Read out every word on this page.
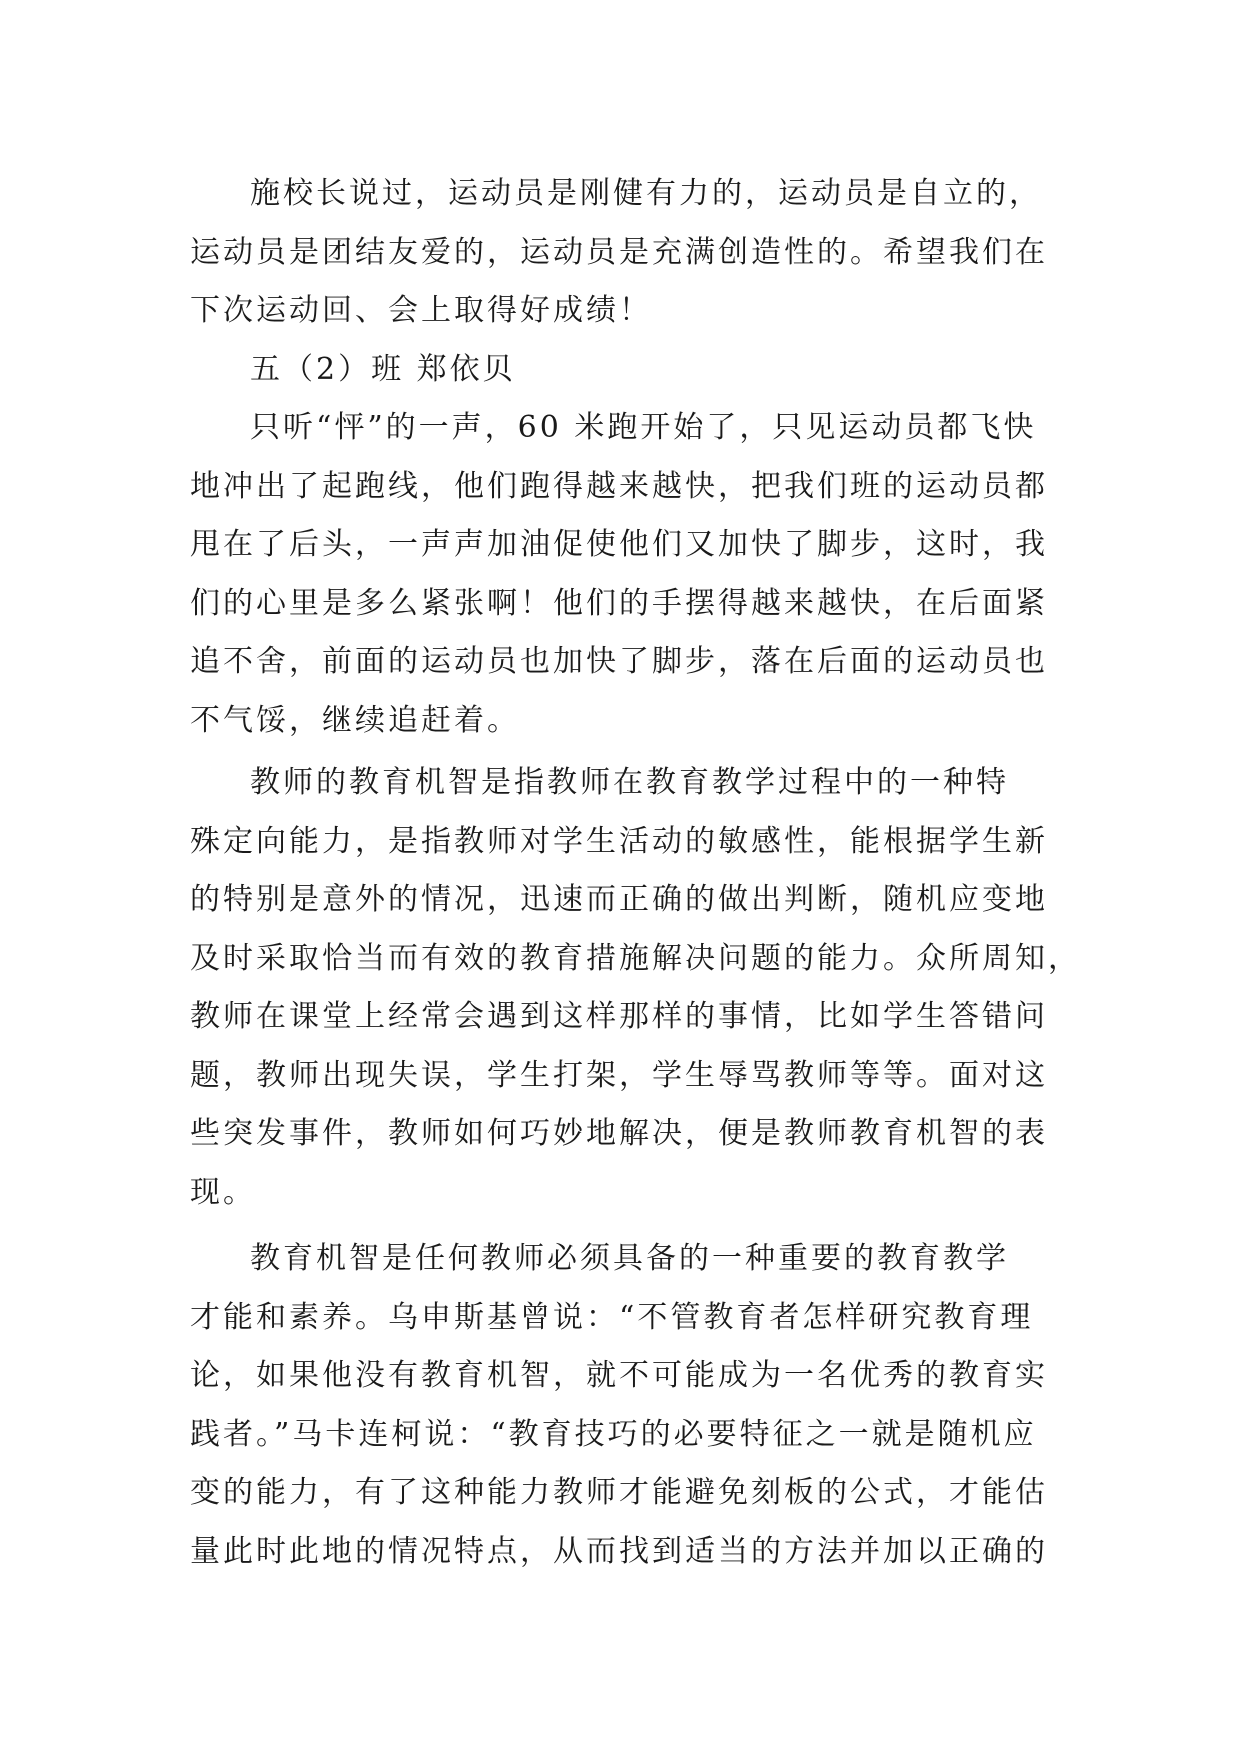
施校长说过，运动员是刚健有力的，运动员是自立的，
运动员是团结友爱的，运动员是充满创造性的。希望我们在
下次运动回、会上取得好成绩！

五（2）班 郑依贝

只听“怦”的一声，60 米跑开始了，只见运动员都飞快
地冲出了起跑线，他们跑得越来越快，把我们班的运动员都
甩在了后头，一声声加油促使他们又加快了脚步，这时，我
们的心里是多么紧张啊！他们的手摆得越来越快，在后面紧
追不舍，前面的运动员也加快了脚步，落在后面的运动员也
不气馁，继续追赶着。

教师的教育机智是指教师在教育教学过程中的一种特
殊定向能力，是指教师对学生活动的敏感性，能根据学生新
的特别是意外的情况，迅速而正确的做出判断，随机应变地
及时采取恰当而有效的教育措施解决问题的能力。众所周知，
教师在课堂上经常会遇到这样那样的事情，比如学生答错问
题，教师出现失误，学生打架，学生辱骂教师等等。面对这
些突发事件，教师如何巧妙地解决，便是教师教育机智的表
现。

教育机智是任何教师必须具备的一种重要的教育教学
才能和素养。乌申斯基曾说：“不管教育者怎样研究教育理
论，如果他没有教育机智，就不可能成为一名优秀的教育实
践者。”马卡连柯说：“教育技巧的必要特征之一就是随机应
变的能力，有了这种能力教师才能避免刻板的公式，才能估
量此时此地的情况特点，从而找到适当的方法并加以正确的
